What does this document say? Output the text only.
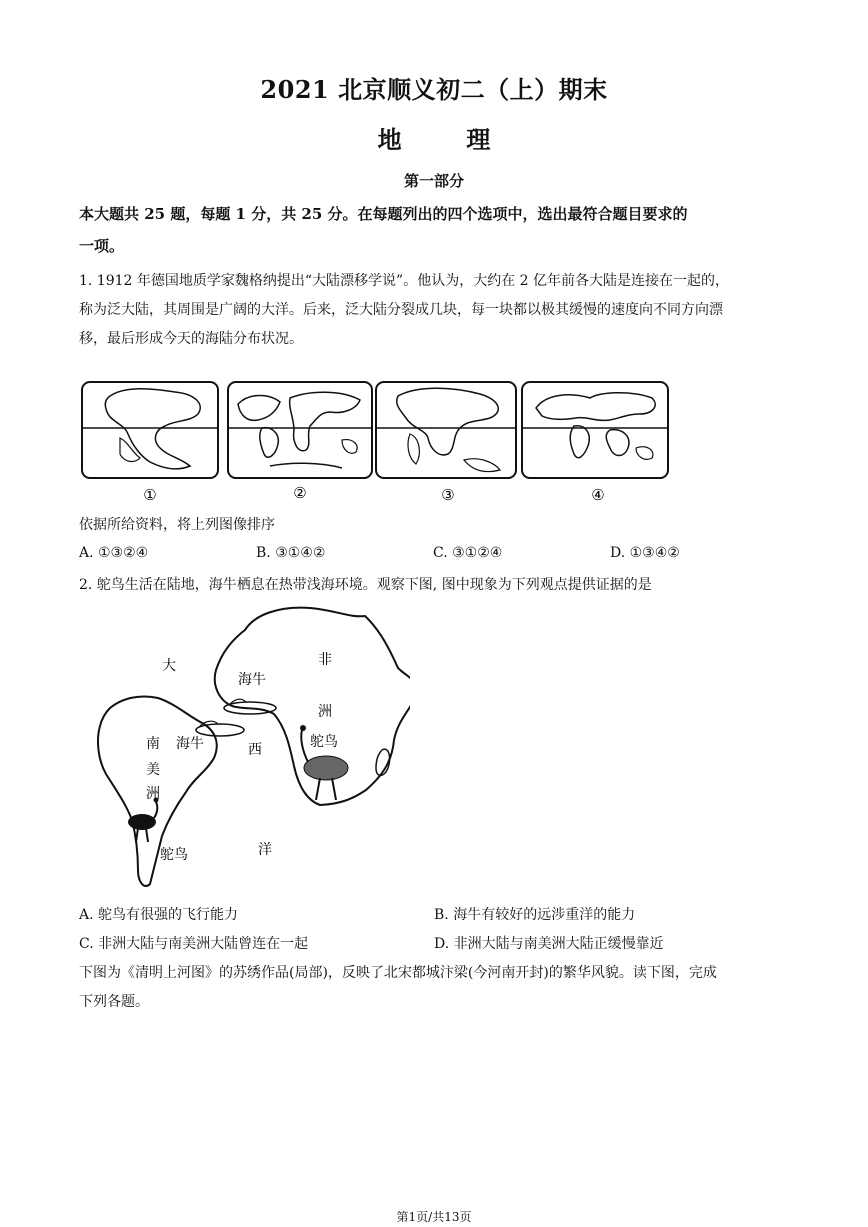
2021 北京顺义初二（上）期末
地	理
第一部分
本大题共 25 题，每题 1 分，共 25 分。在每题列出的四个选项中，选出最符合题目要求的
一项。
1. 1912 年德国地质学家魏格纳提出“大陆漂移学说”。他认为，大约在 2 亿年前各大陆是连接在一起的，
称为泛大陆，其周围是广阔的大洋。后来，泛大陆分裂成几块，每一块都以极其缓慢的速度向不同方向漂
移，最后形成今天的海陆分布状况。
①	②	③	④
依据所给资料，将上列图像排序
A. ①③②④	B. ③①④②	C. ③①②④	D. ①③④②
2. 鸵鸟生活在陆地，海牛栖息在热带浅海环境。观察下图, 图中现象为下列观点提供证据的是
大
西
洋
非
洲
南
美
洲
海牛
海牛	鸵鸟
鸵鸟
A. 鸵鸟有很强的飞行能力	B. 海牛有较好的远涉重洋的能力
C. 非洲大陆与南美洲大陆曾连在一起	D. 非洲大陆与南美洲大陆正缓慢靠近
下图为《清明上河图》的苏绣作品(局部)，反映了北宋都城汴梁(今河南开封)的繁华风貌。读下图，完成
下列各题。
第1页/共13页
